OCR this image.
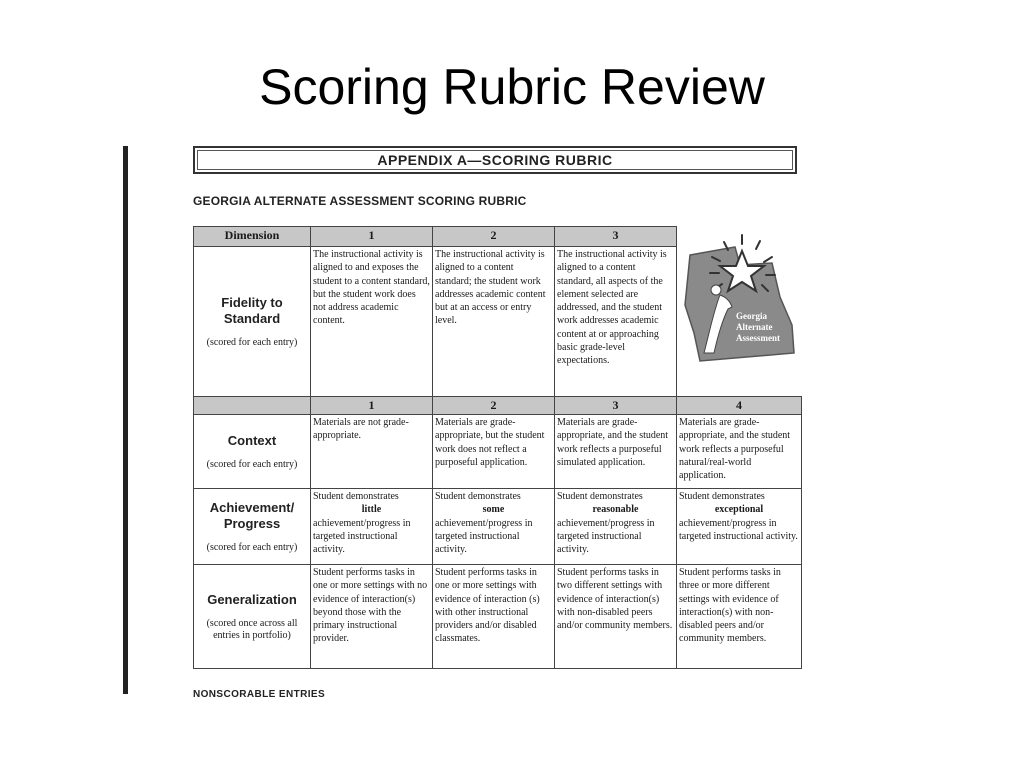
Scoring Rubric Review
APPENDIX A—SCORING RUBRIC
GEORGIA ALTERNATE ASSESSMENT SCORING RUBRIC
Dimension	1	2	3	Georgia Alternate Assessment

Fidelity to Standard
(scored for each entry)	The instructional activity is aligned to and exposes the student to a content standard, but the student work does not address academic content.	The instructional activity is aligned to a content standard; the student work addresses academic content but at an access or entry level.	The instructional activity is aligned to a content standard, all aspects of the element selected are addressed, and the student work addresses academic content at or approaching basic grade-level expectations.	
	1	2	3	4

Context
(scored for each entry)	Materials are not grade-appropriate.	Materials are grade-appropriate, but the student work does not reflect a purposeful application.	Materials are grade-appropriate, and the student work reflects a purposeful simulated application.	Materials are grade-appropriate, and the student work reflects a purposeful natural/real-world application.

Achievement/ Progress
(scored for each entry)	Student demonstrates
little
achievement/progress in targeted instructional activity.	Student demonstrates
some
achievement/progress in targeted instructional activity.	Student demonstrates
reasonable
achievement/progress in targeted instructional activity.	Student demonstrates
exceptional
achievement/progress in targeted instructional activity.

Generalization
(scored once across all entries in portfolio)	Student performs tasks in one or more settings with no evidence of interaction(s) beyond those with the primary instructional provider.	Student performs tasks in one or more settings with evidence of interaction (s) with other instructional providers and/or disabled classmates.	Student performs tasks in two different settings with evidence of interaction(s) with non-disabled peers and/or community members.	Student performs tasks in three or more different settings with evidence of interaction(s) with non-disabled peers and/or community members.
NONSCORABLE ENTRIES
